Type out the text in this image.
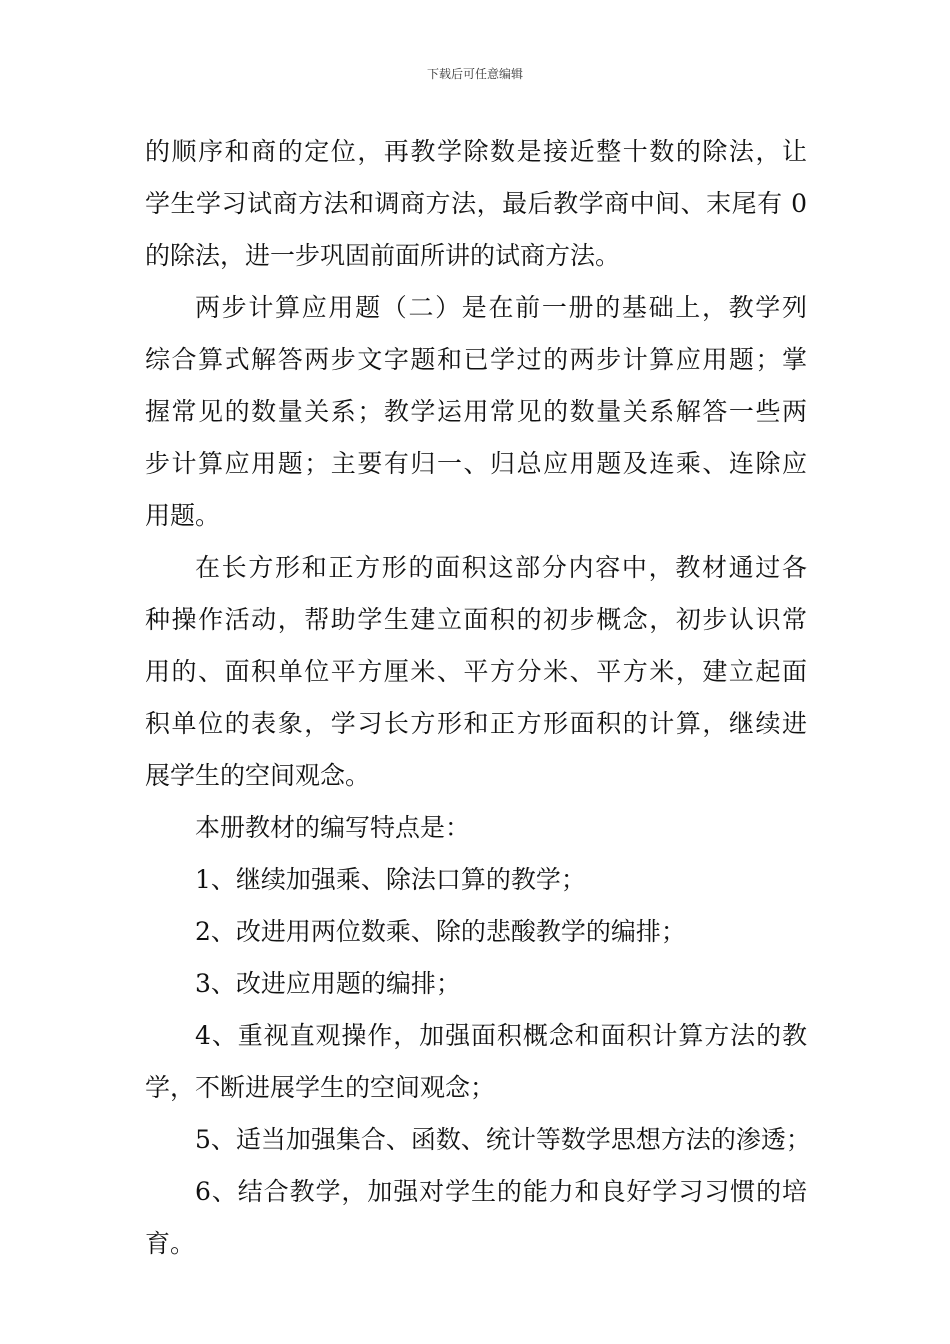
下载后可任意编辑
的顺序和商的定位，再教学除数是接近整十数的除法，让
学生学习试商方法和调商方法，最后教学商中间、末尾有 0
的除法，进一步巩固前面所讲的试商方法。
两步计算应用题（二）是在前一册的基础上，教学列
综合算式解答两步文字题和已学过的两步计算应用题；掌
握常见的数量关系；教学运用常见的数量关系解答一些两
步计算应用题；主要有归一、归总应用题及连乘、连除应
用题。
在长方形和正方形的面积这部分内容中，教材通过各
种操作活动，帮助学生建立面积的初步概念，初步认识常
用的、面积单位平方厘米、平方分米、平方米，建立起面
积单位的表象，学习长方形和正方形面积的计算，继续进
展学生的空间观念。
本册教材的编写特点是：
1、继续加强乘、除法口算的教学；
2、改进用两位数乘、除的悲酸教学的编排；
3、改进应用题的编排；
4、重视直观操作，加强面积概念和面积计算方法的教
学，不断进展学生的空间观念；
5、适当加强集合、函数、统计等数学思想方法的渗透；
6、结合教学，加强对学生的能力和良好学习习惯的培
育。
